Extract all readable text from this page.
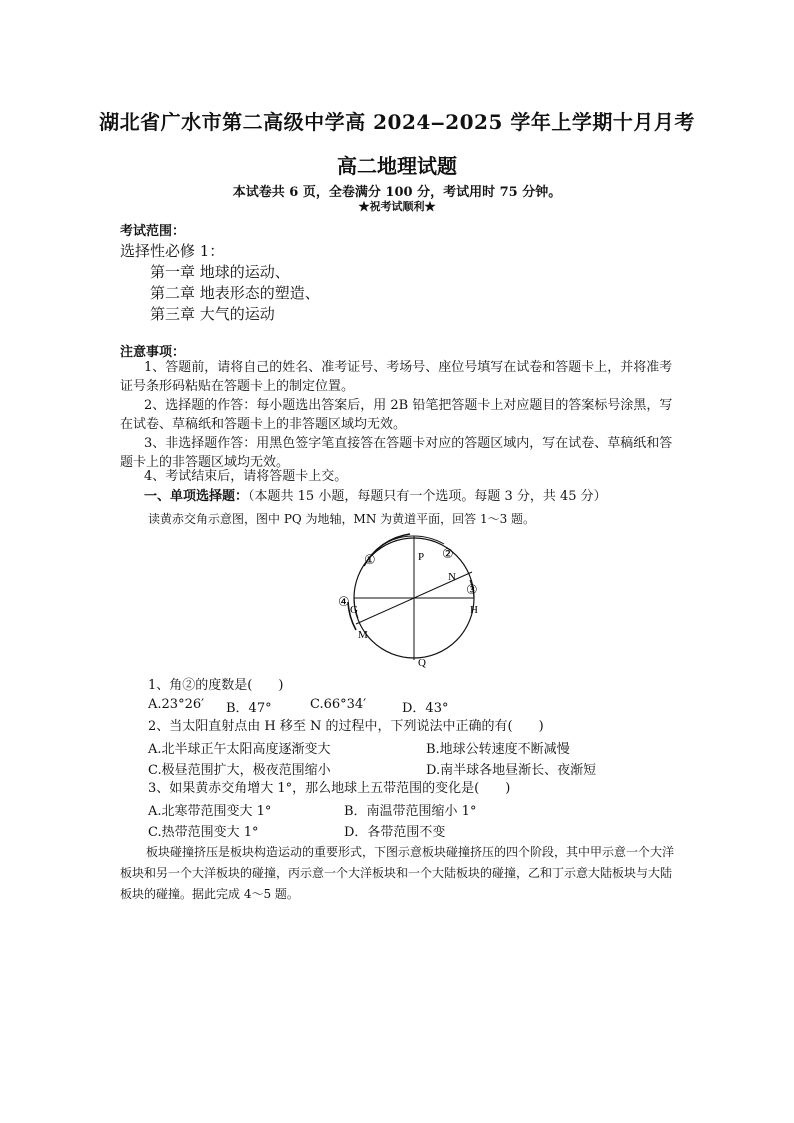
湖北省广水市第二高级中学高 2024‒2025 学年上学期十月月考
高二地理试题
本试卷共 6 页，全卷满分 100 分，考试用时 75 分钟。
★祝考试顺利★
考试范围：
选择性必修 1：
第一章 地球的运动、
第二章 地表形态的塑造、
第三章 大气的运动
注意事项：
1、答题前，请将自己的姓名、准考证号、考场号、座位号填写在试卷和答题卡上，并将准考证号条形码粘贴在答题卡上的制定位置。
2、选择题的作答：每小题选出答案后，用 2B 铅笔把答题卡上对应题目的答案标号涂黑，写在试卷、草稿纸和答题卡上的非答题区域均无效。
3、非选择题作答：用黑色签字笔直接答在答题卡对应的答题区域内，写在试卷、草稿纸和答题卡上的非答题区域均无效。
4、考试结束后，请将答题卡上交。
一、单项选择题：（本题共 15 小题，每题只有一个选项。每题 3 分，共 45 分）
读黄赤交角示意图，图中 PQ 为地轴，MN 为黄道平面，回答 1～3 题。
P
Q
N
M
G	H
①	②
③
④
1、角②的度数是(　　)
A.23°26′ B．47°	C.66°34′	D．43°
2、当太阳直射点由 H 移至 N 的过程中，下列说法中正确的有(　　)
A.北半球正午太阳高度逐渐变大	B.地球公转速度不断减慢
C.极昼范围扩大，极夜范围缩小	D.南半球各地昼渐长、夜渐短
3、如果黄赤交角增大 1°，那么地球上五带范围的变化是(　　)
A.北寒带范围变大 1°	B．南温带范围缩小 1°
C.热带范围变大 1°	D．各带范围不变
板块碰撞挤压是板块构造运动的重要形式，下图示意板块碰撞挤压的四个阶段，其中甲示意一个大洋板块和另一个大洋板块的碰撞，丙示意一个大洋板块和一个大陆板块的碰撞，乙和丁示意大陆板块与大陆板块的碰撞。据此完成 4～5 题。
